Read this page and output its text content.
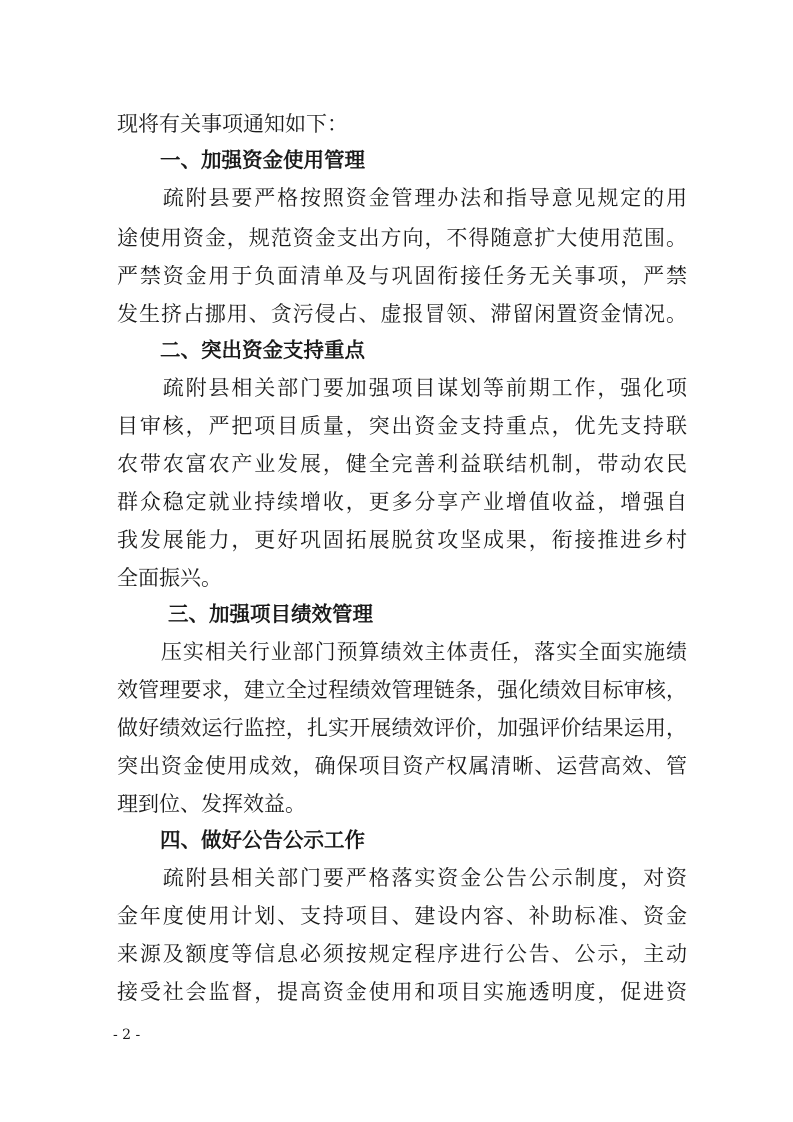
现将有关事项通知如下：
一、加强资金使用管理
　　疏附县要严格按照资金管理办法和指导意见规定的用
途使用资金，规范资金支出方向，不得随意扩大使用范围。
严禁资金用于负面清单及与巩固衔接任务无关事项，严禁
发生挤占挪用、贪污侵占、虚报冒领、滞留闲置资金情况。
二、突出资金支持重点
　　疏附县相关部门要加强项目谋划等前期工作，强化项
目审核，严把项目质量，突出资金支持重点，优先支持联
农带农富农产业发展，健全完善利益联结机制，带动农民
群众稳定就业持续增收，更多分享产业增值收益，增强自
我发展能力，更好巩固拓展脱贫攻坚成果，衔接推进乡村
全面振兴。
三、加强项目绩效管理
　　压实相关行业部门预算绩效主体责任，落实全面实施绩
效管理要求，建立全过程绩效管理链条，强化绩效目标审核，
做好绩效运行监控，扎实开展绩效评价，加强评价结果运用，
突出资金使用成效，确保项目资产权属清晰、运营高效、管
理到位、发挥效益。
四、做好公告公示工作
　　疏附县相关部门要严格落实资金公告公示制度，对资
金年度使用计划、支持项目、建设内容、补助标准、资金
来源及额度等信息必须按规定程序进行公告、公示，主动
接受社会监督，提高资金使用和项目实施透明度，促进资
- 2 -
